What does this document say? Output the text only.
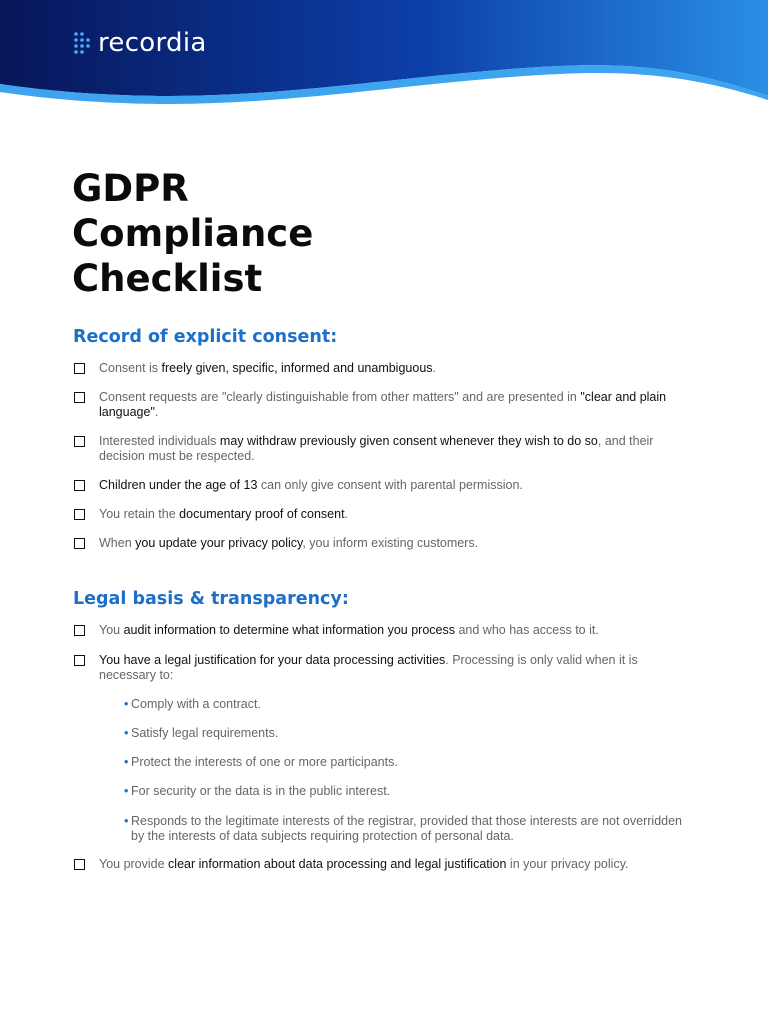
recordia
GDPR
Compliance
Checklist
Record of explicit consent:
Consent is freely given, specific, informed and unambiguous.
Consent requests are "clearly distinguishable from other matters" and are presented in "clear and plain language".
Interested individuals may withdraw previously given consent whenever they wish to do so, and their decision must be respected.
Children under the age of 13 can only give consent with parental permission.
You retain the documentary proof of consent.
When you update your privacy policy, you inform existing customers.
Legal basis & transparency:
You audit information to determine what information you process and who has access to it.
You have a legal justification for your data processing activities. Processing is only valid when it is necessary to:
• Comply with a contract.
• Satisfy legal requirements.
• Protect the interests of one or more participants.
• For security or the data is in the public interest.
• Responds to the legitimate interests of the registrar, provided that those interests are not overridden by the interests of data subjects requiring protection of personal data.
You provide clear information about data processing and legal justification in your privacy policy.
